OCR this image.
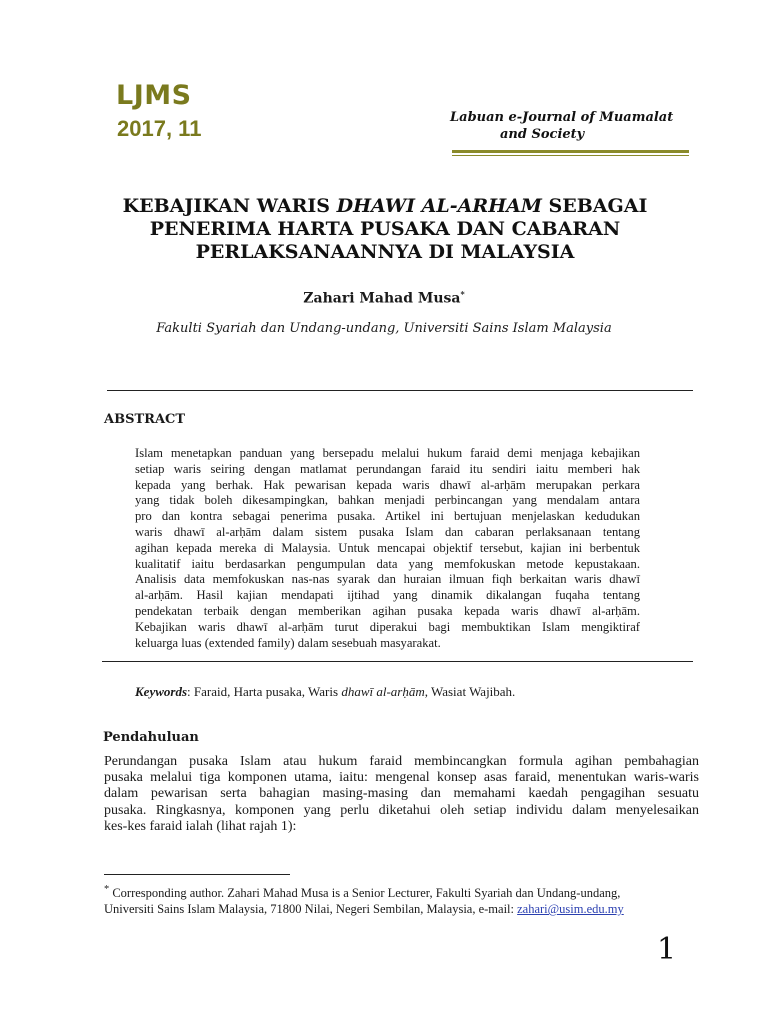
LJMS
2017, 11	Labuan e-Journal of Muamalat
and Society
KEBAJIKAN WARIS DHAWI AL-ARHAM SEBAGAI
PENERIMA HARTA PUSAKA DAN CABARAN
PERLAKSANAANNYA DI MALAYSIA
Zahari Mahad Musa*
Fakulti Syariah dan Undang-undang, Universiti Sains Islam Malaysia
ABSTRACT
Islam menetapkan panduan yang bersepadu melalui hukum faraid demi menjaga kebajikan
setiap waris seiring dengan matlamat perundangan faraid itu sendiri iaitu memberi hak
kepada yang berhak. Hak pewarisan kepada waris dhawī al-arḥām merupakan perkara
yang tidak boleh dikesampingkan, bahkan menjadi perbincangan yang mendalam antara
pro dan kontra sebagai penerima pusaka. Artikel ini bertujuan menjelaskan kedudukan
waris dhawī al-arḥām dalam sistem pusaka Islam dan cabaran perlaksanaan tentang
agihan kepada mereka di Malaysia. Untuk mencapai objektif tersebut, kajian ini berbentuk
kualitatif iaitu berdasarkan pengumpulan data yang memfokuskan metode kepustakaan.
Analisis data memfokuskan nas-nas syarak dan huraian ilmuan fiqh berkaitan waris dhawī
al-arḥām. Hasil kajian mendapati ijtihad yang dinamik dikalangan fuqaha tentang
pendekatan terbaik dengan memberikan agihan pusaka kepada waris dhawī al-arḥām.
Kebajikan waris dhawī al-arḥām turut diperakui bagi membuktikan Islam mengiktiraf
keluarga luas (extended family) dalam sesebuah masyarakat.
Keywords: Faraid, Harta pusaka, Waris dhawī al-arḥām, Wasiat Wajibah.
Pendahuluan
Perundangan pusaka Islam atau hukum faraid membincangkan formula agihan pembahagian
pusaka melalui tiga komponen utama, iaitu: mengenal konsep asas faraid, menentukan waris-waris
dalam pewarisan serta bahagian masing-masing dan memahami kaedah pengagihan sesuatu
pusaka. Ringkasnya, komponen yang perlu diketahui oleh setiap individu dalam menyelesaikan
kes-kes faraid ialah (lihat rajah 1):
* Corresponding author. Zahari Mahad Musa is a Senior Lecturer, Fakulti Syariah dan Undang-undang,
Universiti Sains Islam Malaysia, 71800 Nilai, Negeri Sembilan, Malaysia, e-mail: zahari@usim.edu.my
1
